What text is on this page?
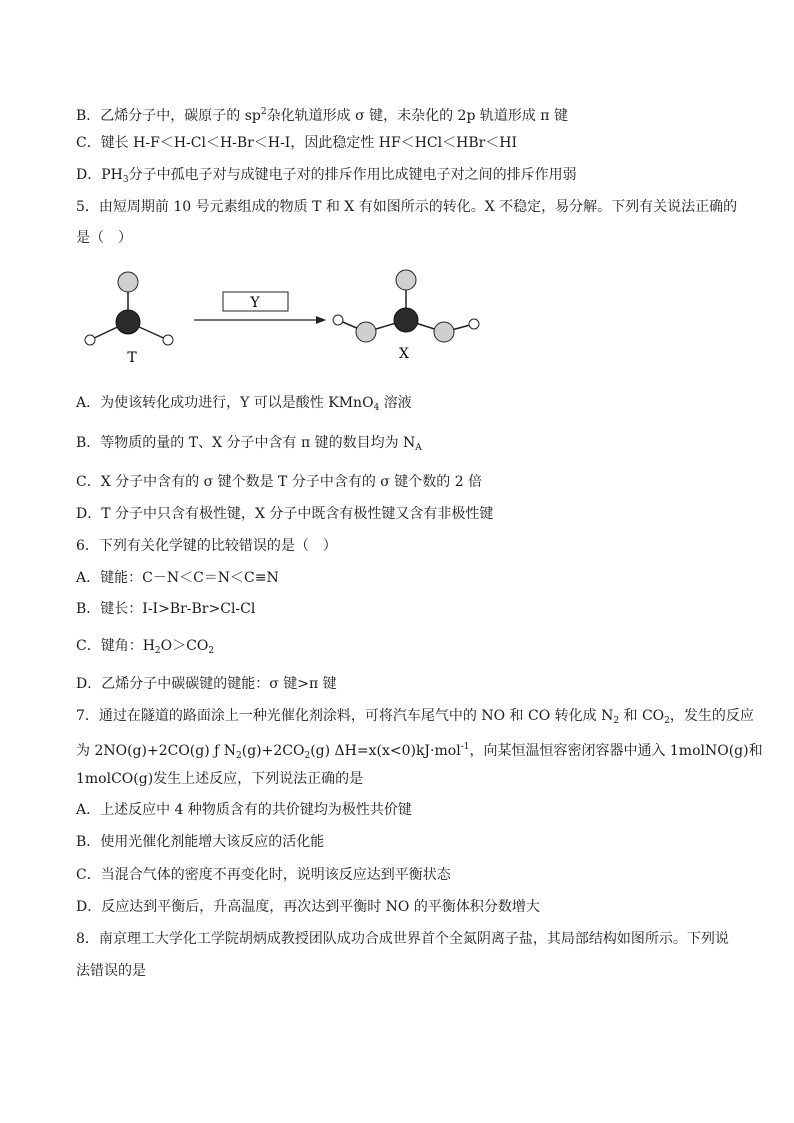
B．乙烯分子中，碳原子的 $sp^2$杂化轨道形成 σ 键，未杂化的 2p 轨道形成 π 键
C．键长 H-F＜H-Cl＜H-Br＜H-I，因此稳定性 HF＜HCl＜HBr＜HI
D．$PH_3$分子中孤电子对与成键电子对的排斥作用比成键电子对之间的排斥作用弱
5．由短周期前 10 号元素组成的物质 T 和 X 有如图所示的转化。X 不稳定，易分解。下列有关说法正确的
是（　）
T
Y
X
A．为使该转化成功进行，Y 可以是酸性 KMnO$_4$ 溶液
B．等物质的量的 T、X 分子中含有 π 键的数目均为 $N_A$
C．X 分子中含有的 σ 键个数是 T 分子中含有的 σ 键个数的 2 倍
D．T 分子中只含有极性键，X 分子中既含有极性键又含有非极性键
6．下列有关化学键的比较错误的是（　）
A．键能：C－N＜C＝N＜C≡N
B．键长：I-I>Br-Br>Cl-Cl
C．键角：$H_2O>CO_2$
D．乙烯分子中碳碳键的键能：σ 键>π 键
7．通过在隧道的路面涂上一种光催化剂涂料，可将汽车尾气中的 NO 和 CO 转化成 $N_2$ 和 $CO_2$，发生的反应
为 2NO(g)+2CO(g) ƒ $N_2(g)+2CO_2(g)$ ΔH=x(x<0)kJ·mol$^{-1}$，向某恒温恒容密闭容器中通入 1molNO(g)和
1molCO(g)发生上述反应，下列说法正确的是
A．上述反应中 4 种物质含有的共价键均为极性共价键
B．使用光催化剂能增大该反应的活化能
C．当混合气体的密度不再变化时，说明该反应达到平衡状态
D．反应达到平衡后，升高温度，再次达到平衡时 NO 的平衡体积分数增大
8．南京理工大学化工学院胡炳成教授团队成功合成世界首个全氮阴离子盐，其局部结构如图所示。下列说
法错误的是
